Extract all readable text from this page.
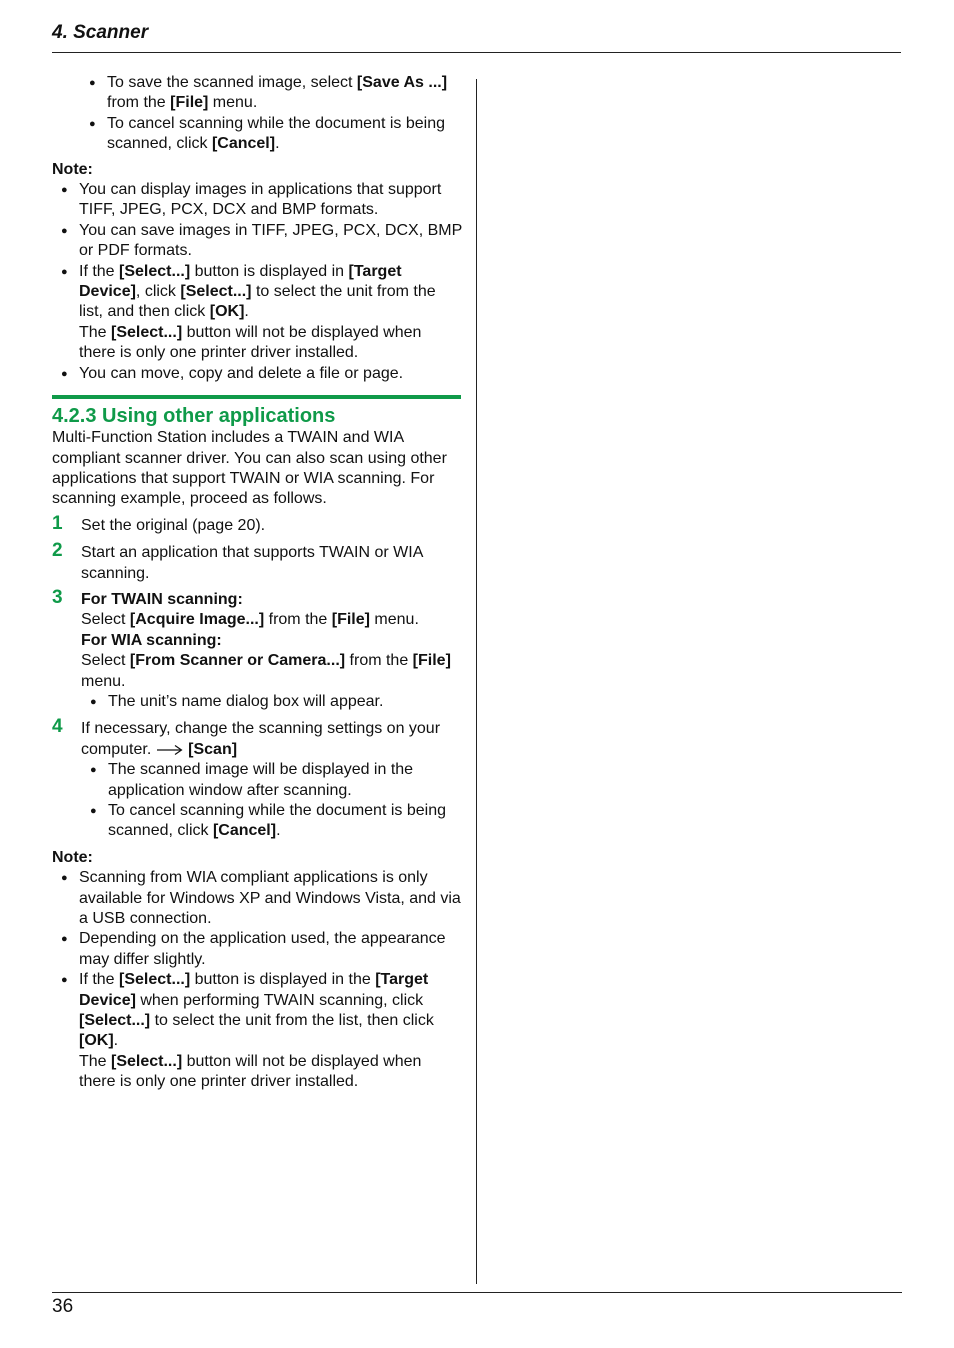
4. Scanner
● To save the scanned image, select [Save As ...] from the [File] menu.
● To cancel scanning while the document is being scanned, click [Cancel].
Note:
● You can display images in applications that support TIFF, JPEG, PCX, DCX and BMP formats.
● You can save images in TIFF, JPEG, PCX, DCX, BMP or PDF formats.
● If the [Select...] button is displayed in [Target Device], click [Select...] to select the unit from the list, and then click [OK].

The [Select...] button will not be displayed when there is only one printer driver installed.

● You can move, copy and delete a file or page.
4.2.3 Using other applications

Multi-Function Station includes a TWAIN and WIA compliant scanner driver. You can also scan using other applications that support TWAIN or WIA scanning. For scanning example, proceed as follows.

1 Set the original (page 20).
2 Start an application that supports TWAIN or WIA scanning.
3 For TWAIN scanning:

Select [Acquire Image...] from the [File] menu.

For WIA scanning:

Select [From Scanner or Camera...] from the [File] menu.

● The unit’s name dialog box will appear.
4 If necessary, change the scanning settings on your computer.  [Scan]
● The scanned image will be displayed in the application window after scanning.
● To cancel scanning while the document is being scanned, click [Cancel].
Note:
● Scanning from WIA compliant applications is only available for Windows XP and Windows Vista, and via a USB connection.
● Depending on the application used, the appearance may differ slightly.
● If the [Select...] button is displayed in the [Target Device] when performing TWAIN scanning, click [Select...] to select the unit from the list, then click [OK].

The [Select...] button will not be displayed when there is only one printer driver installed.

36
